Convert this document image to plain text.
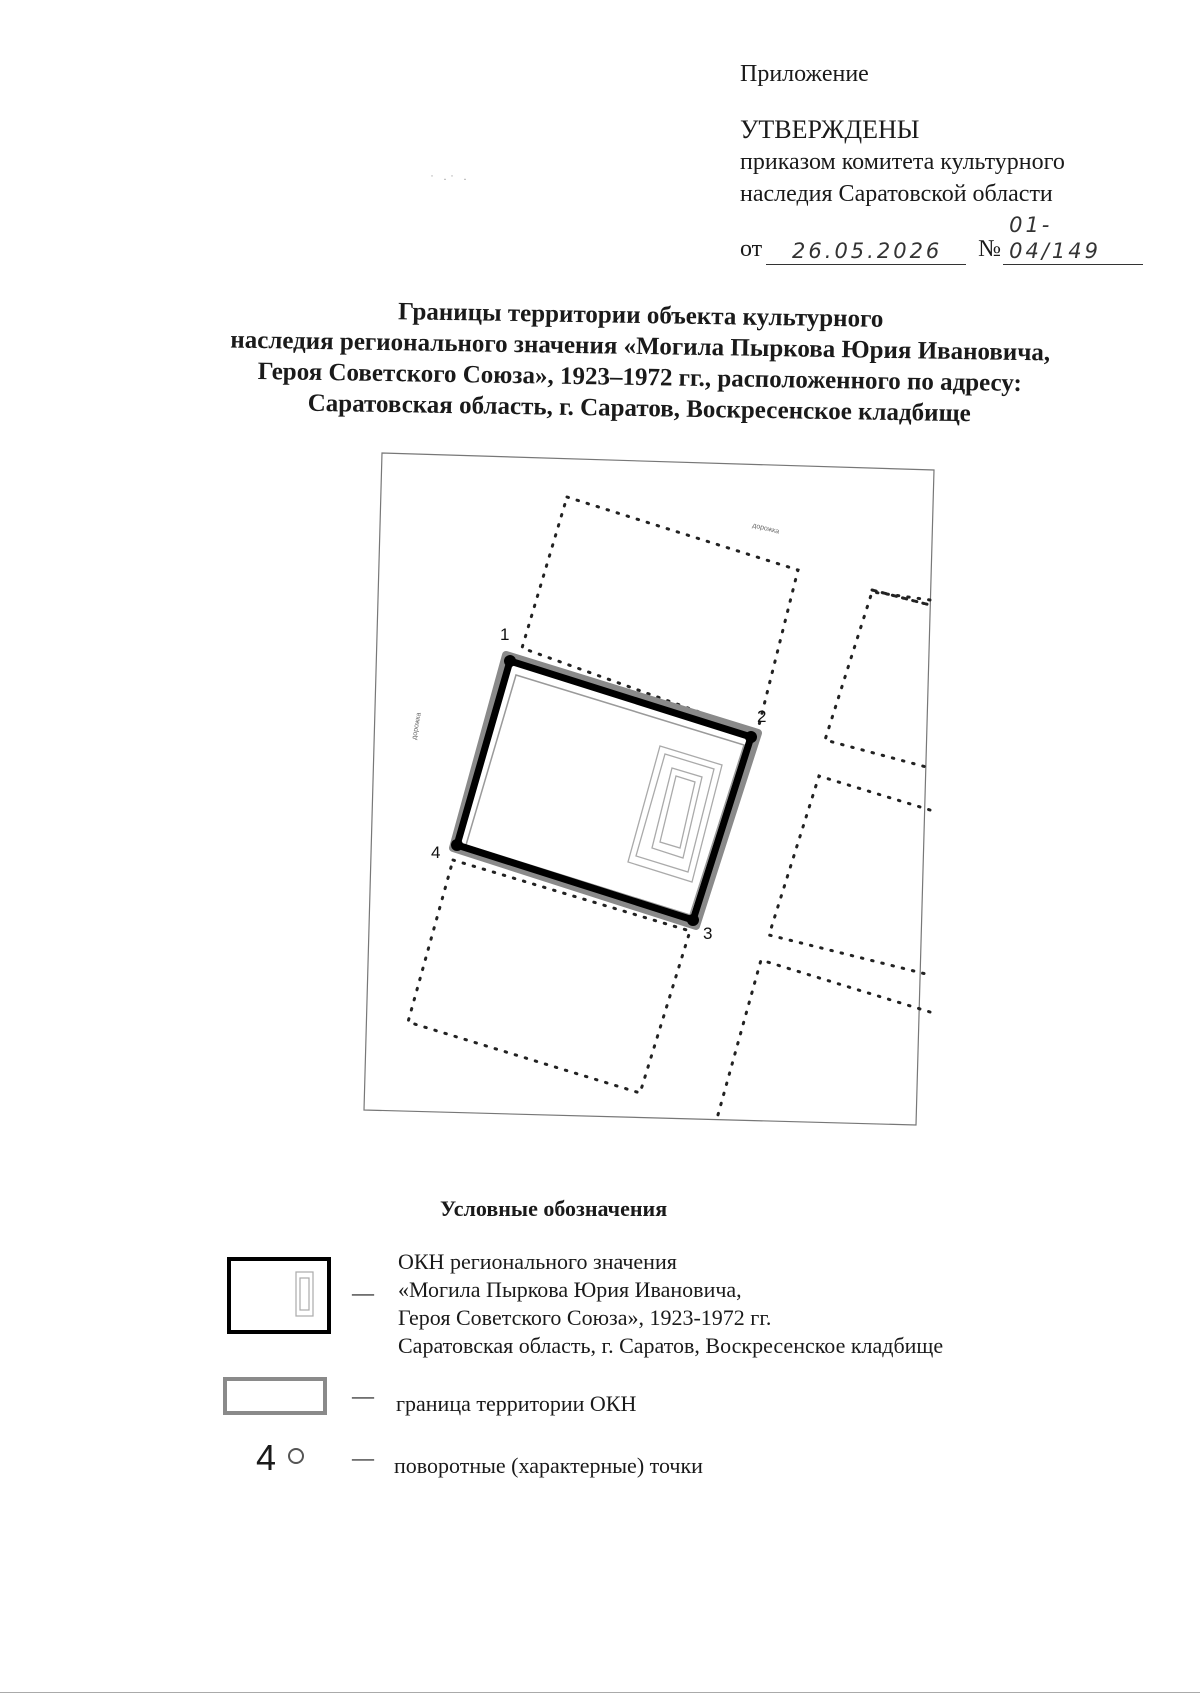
˙ ·˙ ·
Приложение
УТВЕРЖДЕНЫ
приказом комитета культурного
наследия Саратовской области
от	26.05.2026	№
01-04/149
Границы территории объекта культурного
наследия регионального значения «Могила Пыркова Юрия Ивановича,
Героя Советского Союза», 1923–1972 гг., расположенного по адресу:
Саратовская область, г. Саратов, Воскресенское кладбище
1
2
3
4
дорожка
дорожка
Условные обозначения
—
ОКН регионального значения
«Могила Пыркова Юрия Ивановича,
Героя Советского Союза», 1923-1972 гг.
Саратовская область, г. Саратов, Воскресенское кладбище
— граница территории ОКН
4	— поворотные (характерные) точки
